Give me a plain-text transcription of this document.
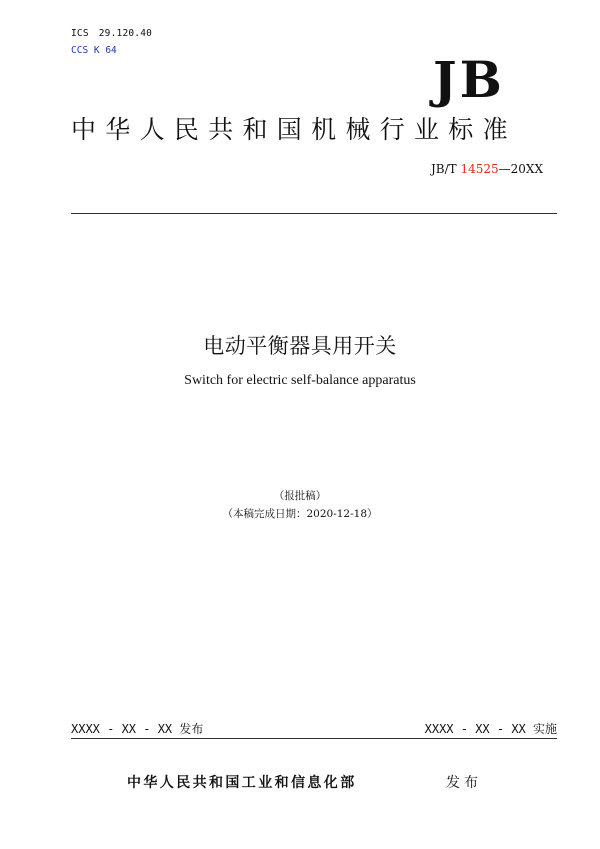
ICS 29.120.40
CCS K 64	JB
中华人民共和国机械行业标准
JB/T 14525—20XX
电动平衡器具用开关
Switch for electric self-balance apparatus
（报批稿）
（本稿完成日期：2020-12-18）
XXXX - XX - XX 发布	XXXX - XX - XX 实施
中华人民共和国工业和信息化部	发布
